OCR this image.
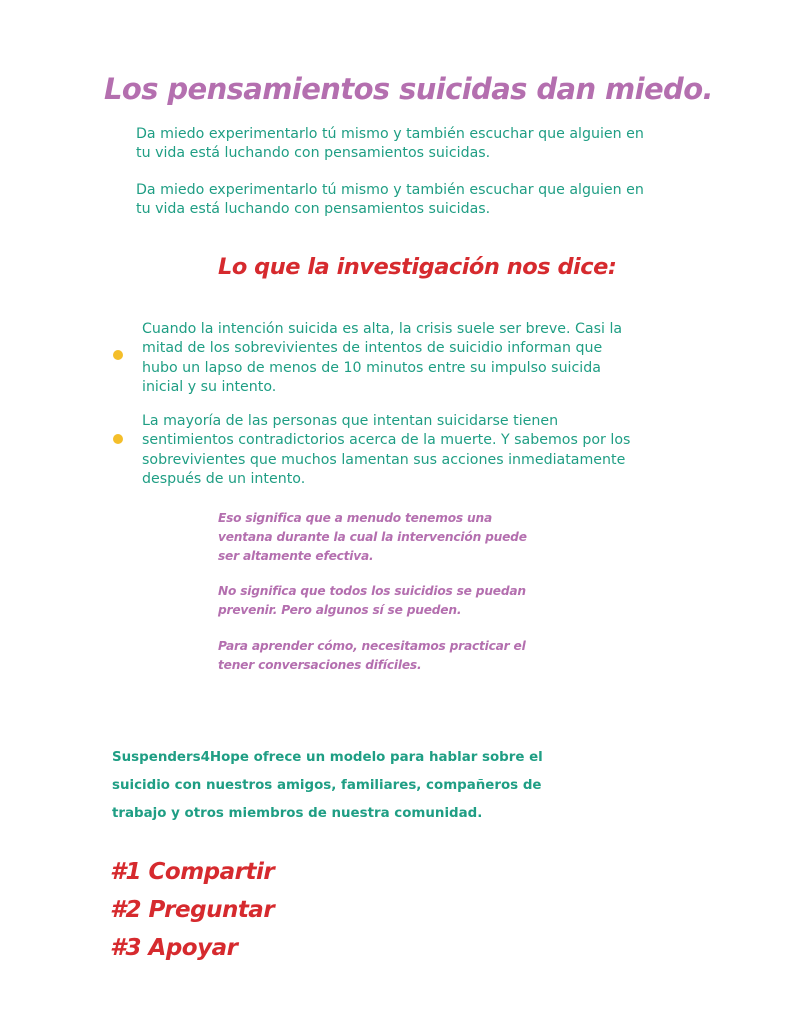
Los pensamientos suicidas dan miedo.

Da miedo experimentarlo tú mismo y también escuchar que alguien en tu vida está luchando con pensamientos suicidas.

Da miedo experimentarlo tú mismo y también escuchar que alguien en tu vida está luchando con pensamientos suicidas.

Lo que la investigación nos dice:

Cuando la intención suicida es alta, la crisis suele ser breve. Casi la mitad de los sobrevivientes de intentos de suicidio informan que hubo un lapso de menos de 10 minutos entre su impulso suicida inicial y su intento.

La mayoría de las personas que intentan suicidarse tienen sentimientos contradictorios acerca de la muerte. Y sabemos por los sobrevivientes que muchos lamentan sus acciones inmediatamente después de un intento.

Eso significa que a menudo tenemos una ventana durante la cual la intervención puede ser altamente efectiva.

No significa que todos los suicidios se puedan prevenir. Pero algunos sí se pueden.

Para aprender cómo, necesitamos practicar el tener conversaciones difíciles.

Suspenders4Hope ofrece un modelo para hablar sobre el suicidio con nuestros amigos, familiares, compañeros de trabajo y otros miembros de nuestra comunidad.

#1 Compartir
#2 Preguntar
#3 Apoyar
